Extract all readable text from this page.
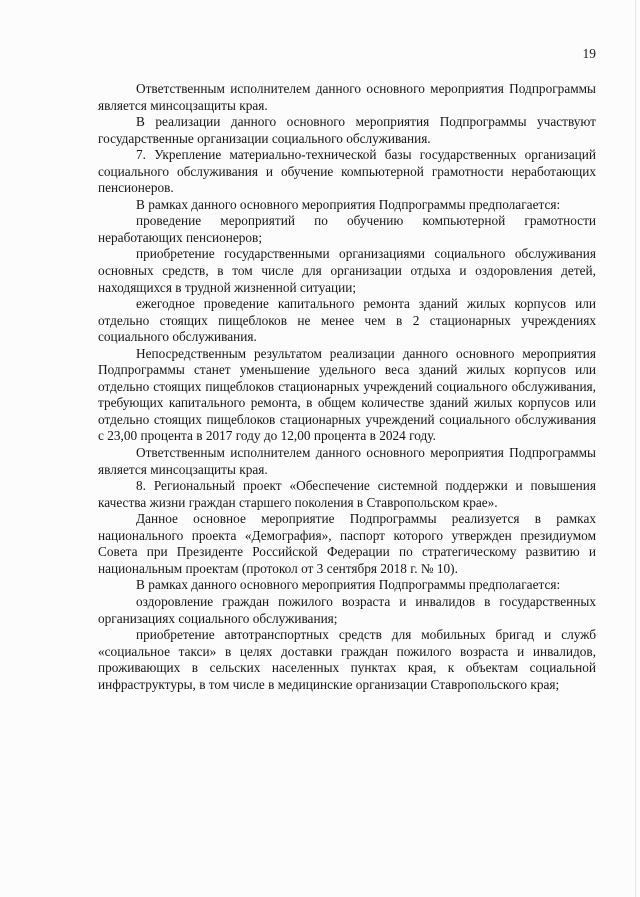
19

Ответственным исполнителем данного основного мероприятия Подпрограммы является минсоцзащиты края.

В реализации данного основного мероприятия Подпрограммы участвуют государственные организации социального обслуживания.

7. Укрепление материально-технической базы государственных организаций социального обслуживания и обучение компьютерной грамотности неработающих пенсионеров.

В рамках данного основного мероприятия Подпрограммы предполагается:

проведение мероприятий по обучению компьютерной грамотности неработающих пенсионеров;

приобретение государственными организациями социального обслуживания основных средств, в том числе для организации отдыха и оздоровления детей, находящихся в трудной жизненной ситуации;

ежегодное проведение капитального ремонта зданий жилых корпусов или отдельно стоящих пищеблоков не менее чем в 2 стационарных учреждениях социального обслуживания.

Непосредственным результатом реализации данного основного мероприятия Подпрограммы станет уменьшение удельного веса зданий жилых корпусов или отдельно стоящих пищеблоков стационарных учреждений социального обслуживания, требующих капитального ремонта, в общем количестве зданий жилых корпусов или отдельно стоящих пищеблоков стационарных учреждений социального обслуживания с 23,00 процента в 2017 году до 12,00 процента в 2024 году.

Ответственным исполнителем данного основного мероприятия Подпрограммы является минсоцзащиты края.

8. Региональный проект «Обеспечение системной поддержки и повышения качества жизни граждан старшего поколения в Ставропольском крае».

Данное основное мероприятие Подпрограммы реализуется в рамках национального проекта «Демография», паспорт которого утвержден президиумом Совета при Президенте Российской Федерации по стратегическому развитию и национальным проектам (протокол от 3 сентября 2018 г. № 10).

В рамках данного основного мероприятия Подпрограммы предполагается:

оздоровление граждан пожилого возраста и инвалидов в государственных организациях социального обслуживания;

приобретение автотранспортных средств для мобильных бригад и служб «социальное такси» в целях доставки граждан пожилого возраста и инвалидов, проживающих в сельских населенных пунктах края, к объектам социальной инфраструктуры, в том числе в медицинские организации Ставропольского края;
